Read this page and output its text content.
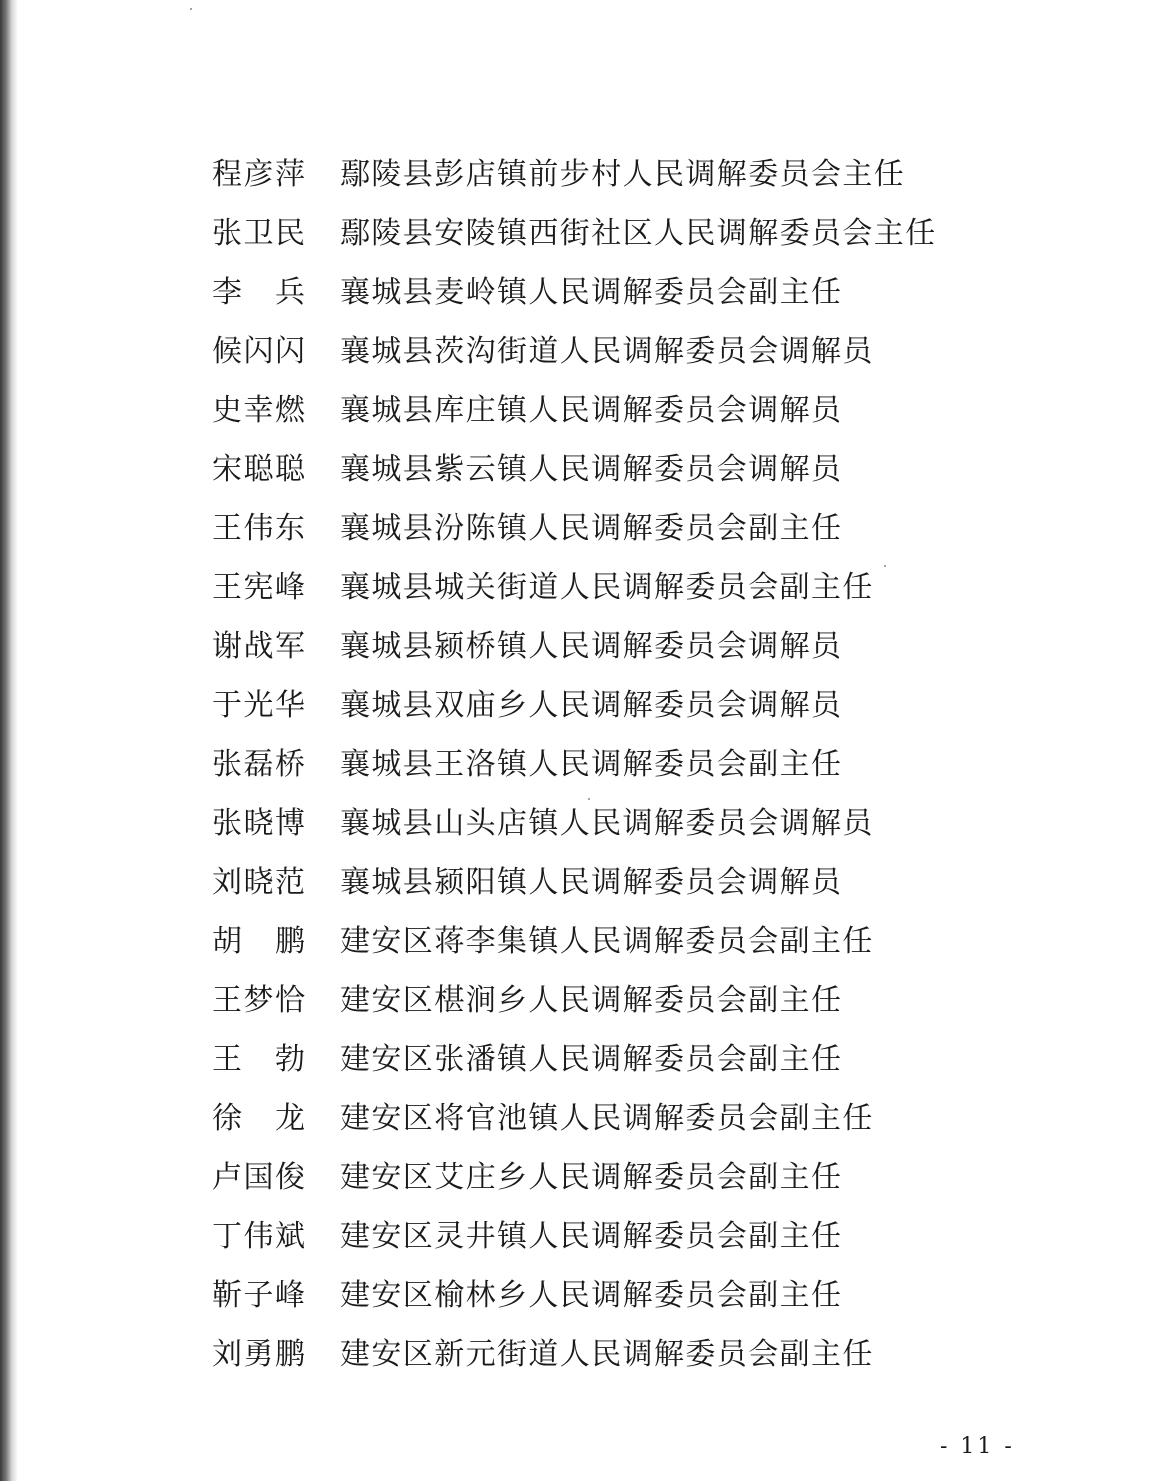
程彦萍 鄢陵县彭店镇前步村人民调解委员会主任
张卫民 鄢陵县安陵镇西街社区人民调解委员会主任
李 兵 襄城县麦岭镇人民调解委员会副主任
候闪闪 襄城县茨沟街道人民调解委员会调解员
史幸燃 襄城县库庄镇人民调解委员会调解员
宋聪聪 襄城县紫云镇人民调解委员会调解员
王伟东 襄城县汾陈镇人民调解委员会副主任
王宪峰 襄城县城关街道人民调解委员会副主任
谢战军 襄城县颍桥镇人民调解委员会调解员
于光华 襄城县双庙乡人民调解委员会调解员
张磊桥 襄城县王洛镇人民调解委员会副主任
张晓博 襄城县山头店镇人民调解委员会调解员
刘晓范 襄城县颍阳镇人民调解委员会调解员
胡 鹏 建安区蒋李集镇人民调解委员会副主任
王梦恰 建安区椹涧乡人民调解委员会副主任
王 勃 建安区张潘镇人民调解委员会副主任
徐 龙 建安区将官池镇人民调解委员会副主任
卢国俊 建安区艾庄乡人民调解委员会副主任
丁伟斌 建安区灵井镇人民调解委员会副主任
靳子峰 建安区榆林乡人民调解委员会副主任
刘勇鹏 建安区新元街道人民调解委员会副主任
- 11 -
